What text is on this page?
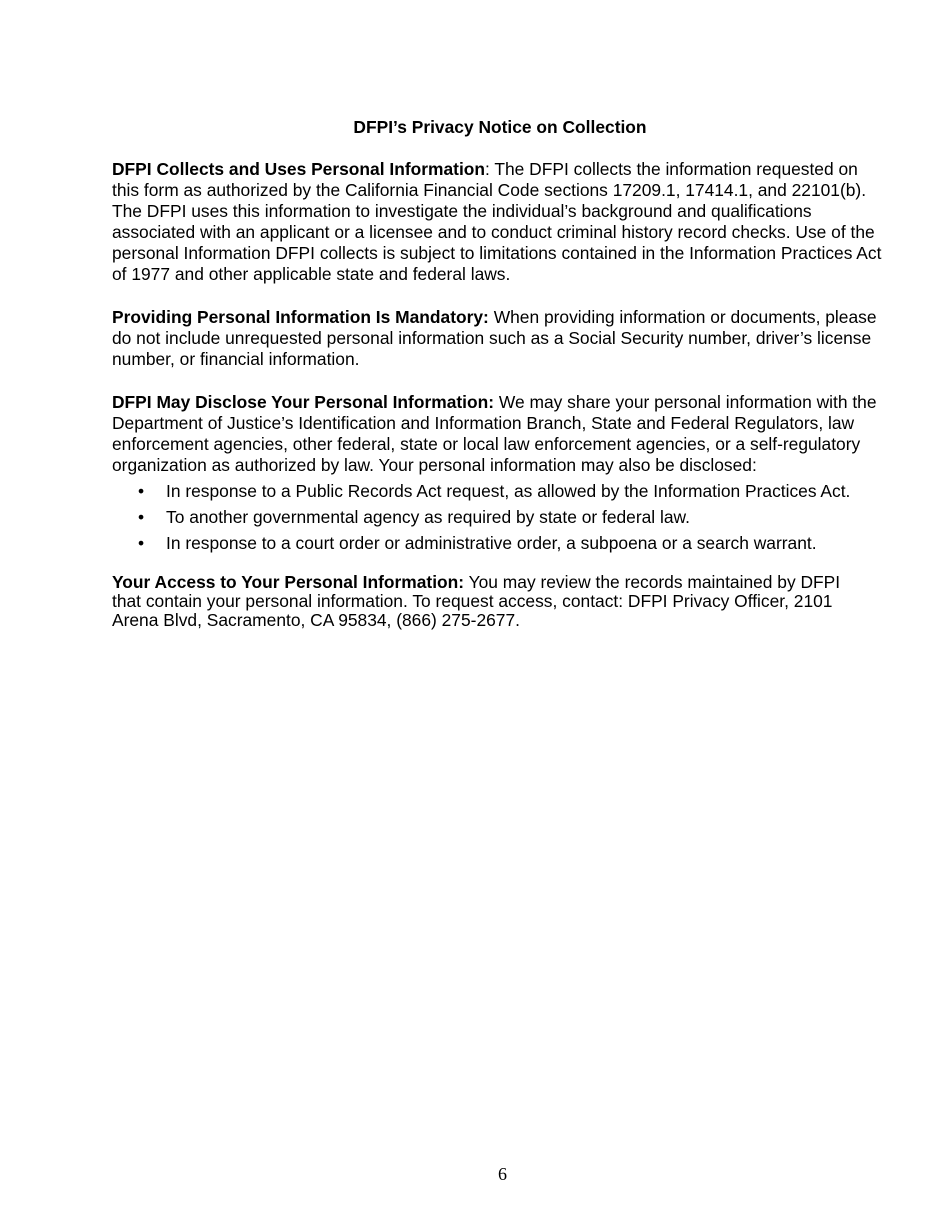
DFPI’s Privacy Notice on Collection

DFPI Collects and Uses Personal Information: The DFPI collects the information requested on this form as authorized by the California Financial Code sections 17209.1, 17414.1, and 22101(b). The DFPI uses this information to investigate the individual’s background and qualifications associated with an applicant or a licensee and to conduct criminal history record checks. Use of the personal Information DFPI collects is subject to limitations contained in the Information Practices Act of 1977 and other applicable state and federal laws.

Providing Personal Information Is Mandatory: When providing information or documents, please do not include unrequested personal information such as a Social Security number, driver’s license number, or financial information.

DFPI May Disclose Your Personal Information: We may share your personal information with the Department of Justice’s Identification and Information Branch, State and Federal Regulators, law enforcement agencies, other federal, state or local law enforcement agencies, or a self-regulatory organization as authorized by law. Your personal information may also be disclosed:

• In response to a Public Records Act request, as allowed by the Information Practices Act.
• To another governmental agency as required by state or federal law.
• In response to a court order or administrative order, a subpoena or a search warrant.

Your Access to Your Personal Information: You may review the records maintained by DFPI that contain your personal information. To request access, contact: DFPI Privacy Officer, 2101 Arena Blvd, Sacramento, CA 95834, (866) 275-2677.

6
